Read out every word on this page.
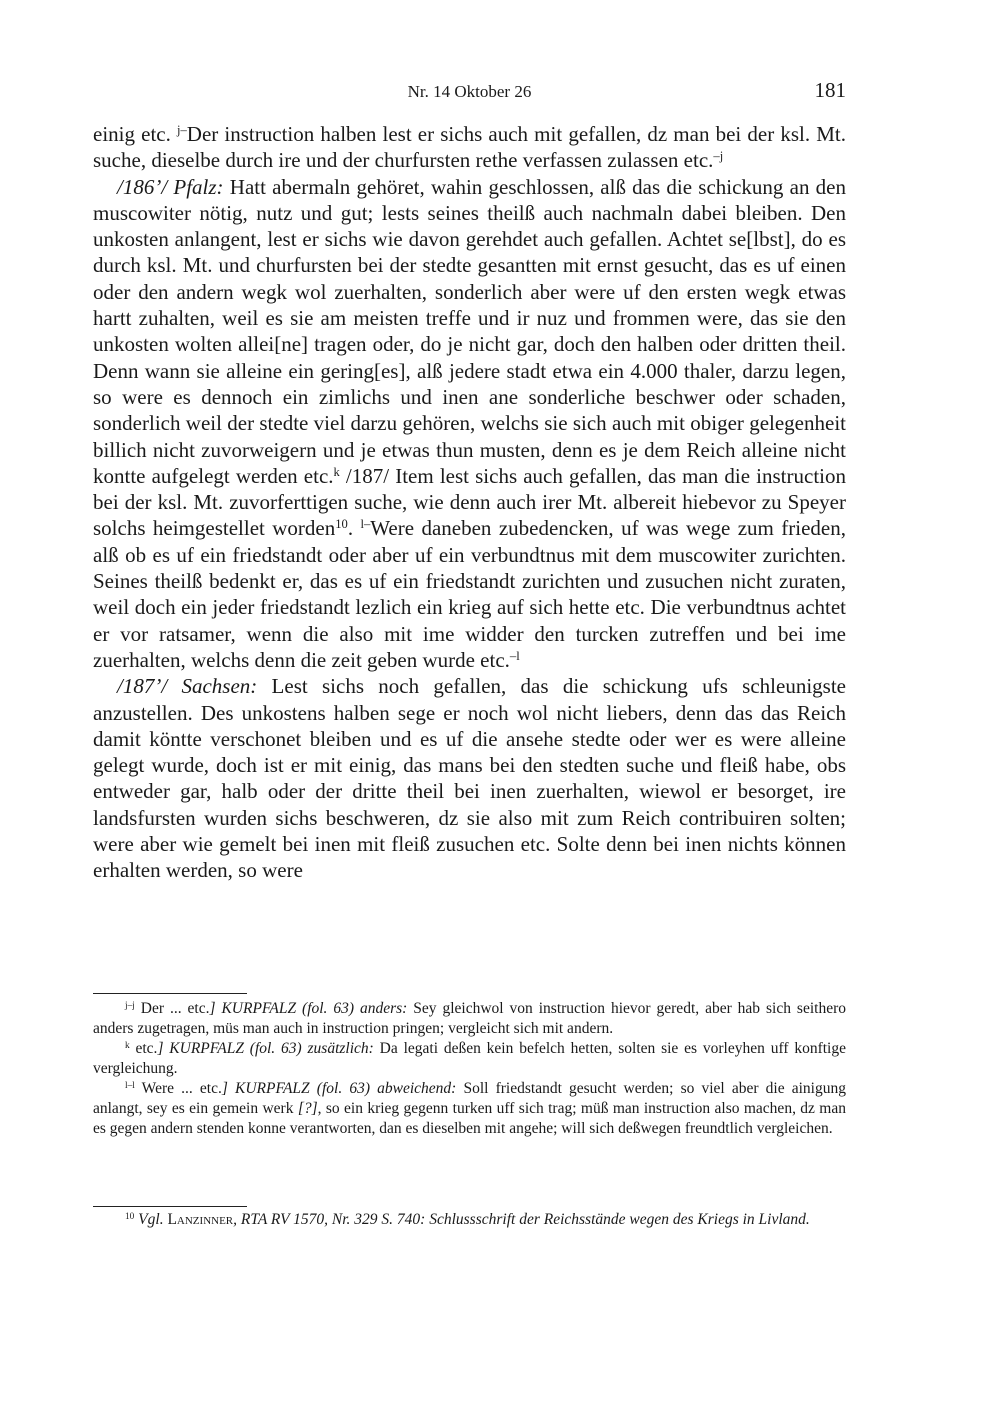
Nr. 14 Oktober 26	181

einig etc. $^{j-}$Der instruction halben lest er sichs auch mit gefallen, dz man bei der ksl. Mt. suche, dieselbe durch ire und der churfursten rethe verfassen zulassen etc.$^{-j}$

/186’/ Pfalz: Hatt abermaln gehöret, wahin geschlossen, alß das die schickung an den muscowiter nötig, nutz und gut; lests seines theilß auch nachmaln dabei bleiben. Den unkosten anlangent, lest er sichs wie davon gerehdet auch gefallen. Achtet se[lbst], do es durch ksl. Mt. und churfursten bei der stedte gesantten mit ernst gesucht, das es uf einen oder den andern wegk wol zuerhalten, sonderlich aber were uf den ersten wegk etwas hartt zuhalten, weil es sie am meisten treffe und ir nuz und frommen were, das sie den unkosten wolten allei[ne] tragen oder, do je nicht gar, doch den halben oder dritten theil. Denn wann sie alleine ein gering[es], alß jedere stadt etwa ein 4.000 thaler, darzu legen, so were es dennoch ein zimlichs und inen ane sonderliche beschwer oder schaden, sonderlich weil der stedte viel darzu gehören, welchs sie sich auch mit obiger gelegenheit billich nicht zuvorweigern und je etwas thun musten, denn es je dem Reich alleine nicht kontte aufgelegt werden etc.$^k$ /187/ Item lest sichs auch gefallen, das man die instruction bei der ksl. Mt. zuvorferttigen suche, wie denn auch irer Mt. albereit hiebevor zu Speyer solchs heimgestellet worden$^{10}$. $^{l-}$Were daneben zubedencken, uf was wege zum frieden, alß ob es uf ein friedstandt oder aber uf ein verbundtnus mit dem muscowiter zurichten. Seines theilß bedenkt er, das es uf ein friedstandt zurichten und zusuchen nicht zuraten, weil doch ein jeder friedstandt lezlich ein krieg auf sich hette etc. Die verbundtnus achtet er vor ratsamer, wenn die also mit ime widder den turcken zutreffen und bei ime zuerhalten, welchs denn die zeit geben wurde etc.$^{-l}$

/187’/ Sachsen: Lest sichs noch gefallen, das die schickung ufs schleunigste anzustellen. Des unkostens halben sege er noch wol nicht liebers, denn das das Reich damit köntte verschonet bleiben und es uf die ansehe stedte oder wer es were alleine gelegt wurde, doch ist er mit einig, das mans bei den stedten suche und fleiß habe, obs entweder gar, halb oder der dritte theil bei inen zuerhalten, wiewol er besorget, ire landsfursten wurden sichs beschweren, dz sie also mit zum Reich contribuiren solten; were aber wie gemelt bei inen mit fleiß zusuchen etc. Solte denn bei inen nichts können erhalten werden, so were

$^{j-j}$ Der ... etc.] KURPFALZ (fol. 63) anders: Sey gleichwol von instruction hievor geredt, aber hab sich seithero anders zugetragen, müs man auch in instruction pringen; vergleicht sich mit andern.

$^k$ etc.] KURPFALZ (fol. 63) zusätzlich: Da legati deßen kein befelch hetten, solten sie es vorleyhen uff konftige vergleichung.

$^{l-l}$ Were ... etc.] KURPFALZ (fol. 63) abweichend: Soll friedstandt gesucht werden; so viel aber die ainigung anlangt, sey es ein gemein werk [?], so ein krieg gegenn turken uff sich trag; müß man instruction also machen, dz man es gegen andern stenden konne verantworten, dan es dieselben mit angehe; will sich deßwegen freundtlich vergleichen.

$^{10}$ Vgl. Lanzinner, RTA RV 1570, Nr. 329 S. 740: Schlussschrift der Reichsstände wegen des Kriegs in Livland.
